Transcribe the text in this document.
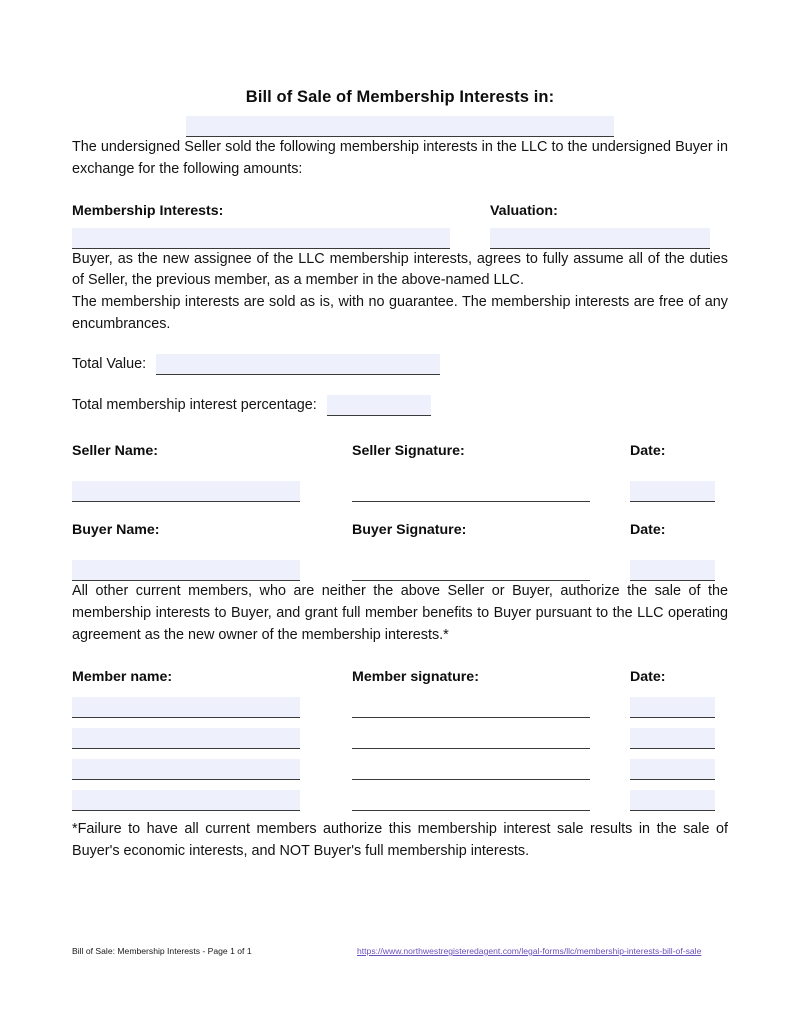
Bill of Sale of Membership Interests in:

The undersigned Seller sold the following membership interests in the LLC to the undersigned Buyer in exchange for the following amounts:

Membership Interests:	Valuation:

Buyer, as the new assignee of the LLC membership interests, agrees to fully assume all of the duties of Seller, the previous member, as a member in the above-named LLC.

The membership interests are sold as is, with no guarantee. The membership interests are free of any encumbrances.

Total Value:
Total membership interest percentage:
Seller Name:	Seller Signature:	Date:
Buyer Name:	Buyer Signature:	Date:

All other current members, who are neither the above Seller or Buyer, authorize the sale of the membership interests to Buyer, and grant full member benefits to Buyer pursuant to the LLC operating agreement as the new owner of the membership interests.*

Member name:	Member signature:	Date:

*Failure to have all current members authorize this membership interest sale results in the sale of Buyer's economic interests, and NOT Buyer's full membership interests.

Bill of Sale: Membership Interests - Page 1 of 1	https://www.northwestregisteredagent.com/legal-forms/llc/membership-interests-bill-of-sale
